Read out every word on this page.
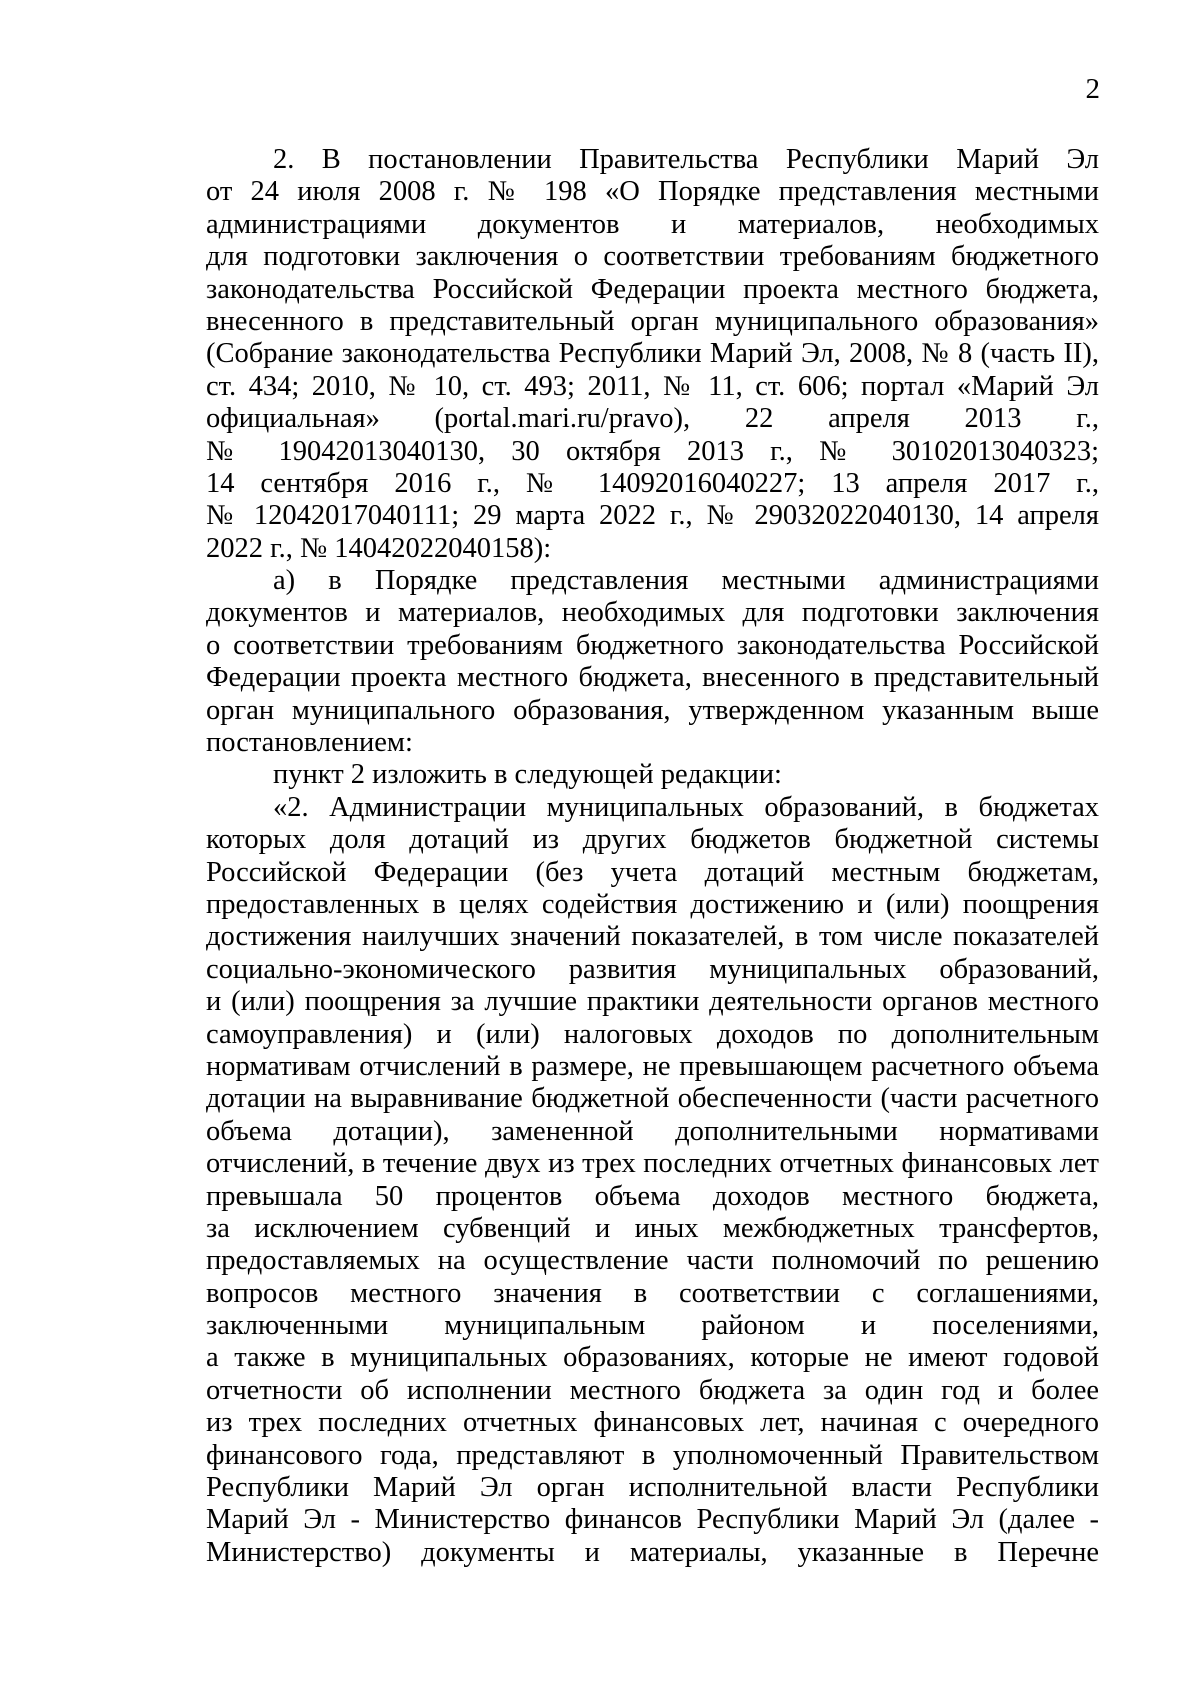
2
2. В постановлении Правительства Республики Марий Эл
от 24 июля 2008 г. № 198 «О Порядке представления местными
администрациями документов и материалов, необходимых
для подготовки заключения о соответствии требованиям бюджетного
законодательства Российской Федерации проекта местного бюджета,
внесенного в представительный орган муниципального образования»
(Собрание законодательства Республики Марий Эл, 2008, № 8 (часть II),
ст. 434; 2010, № 10, ст. 493; 2011, № 11, ст. 606; портал «Марий Эл
официальная» (portal.mari.ru/pravo), 22 апреля 2013 г.,
№ 19042013040130, 30 октября 2013 г., № 30102013040323;
14 сентября 2016 г., № 14092016040227; 13 апреля 2017 г.,
№ 12042017040111; 29 марта 2022 г., № 29032022040130, 14 апреля
2022 г., № 14042022040158):
а) в Порядке представления местными администрациями
документов и материалов, необходимых для подготовки заключения
о соответствии требованиям бюджетного законодательства Российской
Федерации проекта местного бюджета, внесенного в представительный
орган муниципального образования, утвержденном указанным выше
постановлением:
пункт 2 изложить в следующей редакции:
«2. Администрации муниципальных образований, в бюджетах
которых доля дотаций из других бюджетов бюджетной системы
Российской Федерации (без учета дотаций местным бюджетам,
предоставленных в целях содействия достижению и (или) поощрения
достижения наилучших значений показателей, в том числе показателей
социально-экономического развития муниципальных образований,
и (или) поощрения за лучшие практики деятельности органов местного
самоуправления) и (или) налоговых доходов по дополнительным
нормативам отчислений в размере, не превышающем расчетного объема
дотации на выравнивание бюджетной обеспеченности (части расчетного
объема дотации), замененной дополнительными нормативами
отчислений, в течение двух из трех последних отчетных финансовых лет
превышала 50 процентов объема доходов местного бюджета,
за исключением субвенций и иных межбюджетных трансфертов,
предоставляемых на осуществление части полномочий по решению
вопросов местного значения в соответствии с соглашениями,
заключенными муниципальным районом и поселениями,
а также в муниципальных образованиях, которые не имеют годовой
отчетности об исполнении местного бюджета за один год и более
из трех последних отчетных финансовых лет, начиная с очередного
финансового года, представляют в уполномоченный Правительством
Республики Марий Эл орган исполнительной власти Республики
Марий Эл - Министерство финансов Республики Марий Эл (далее -
Министерство) документы и материалы, указанные в Перечне
